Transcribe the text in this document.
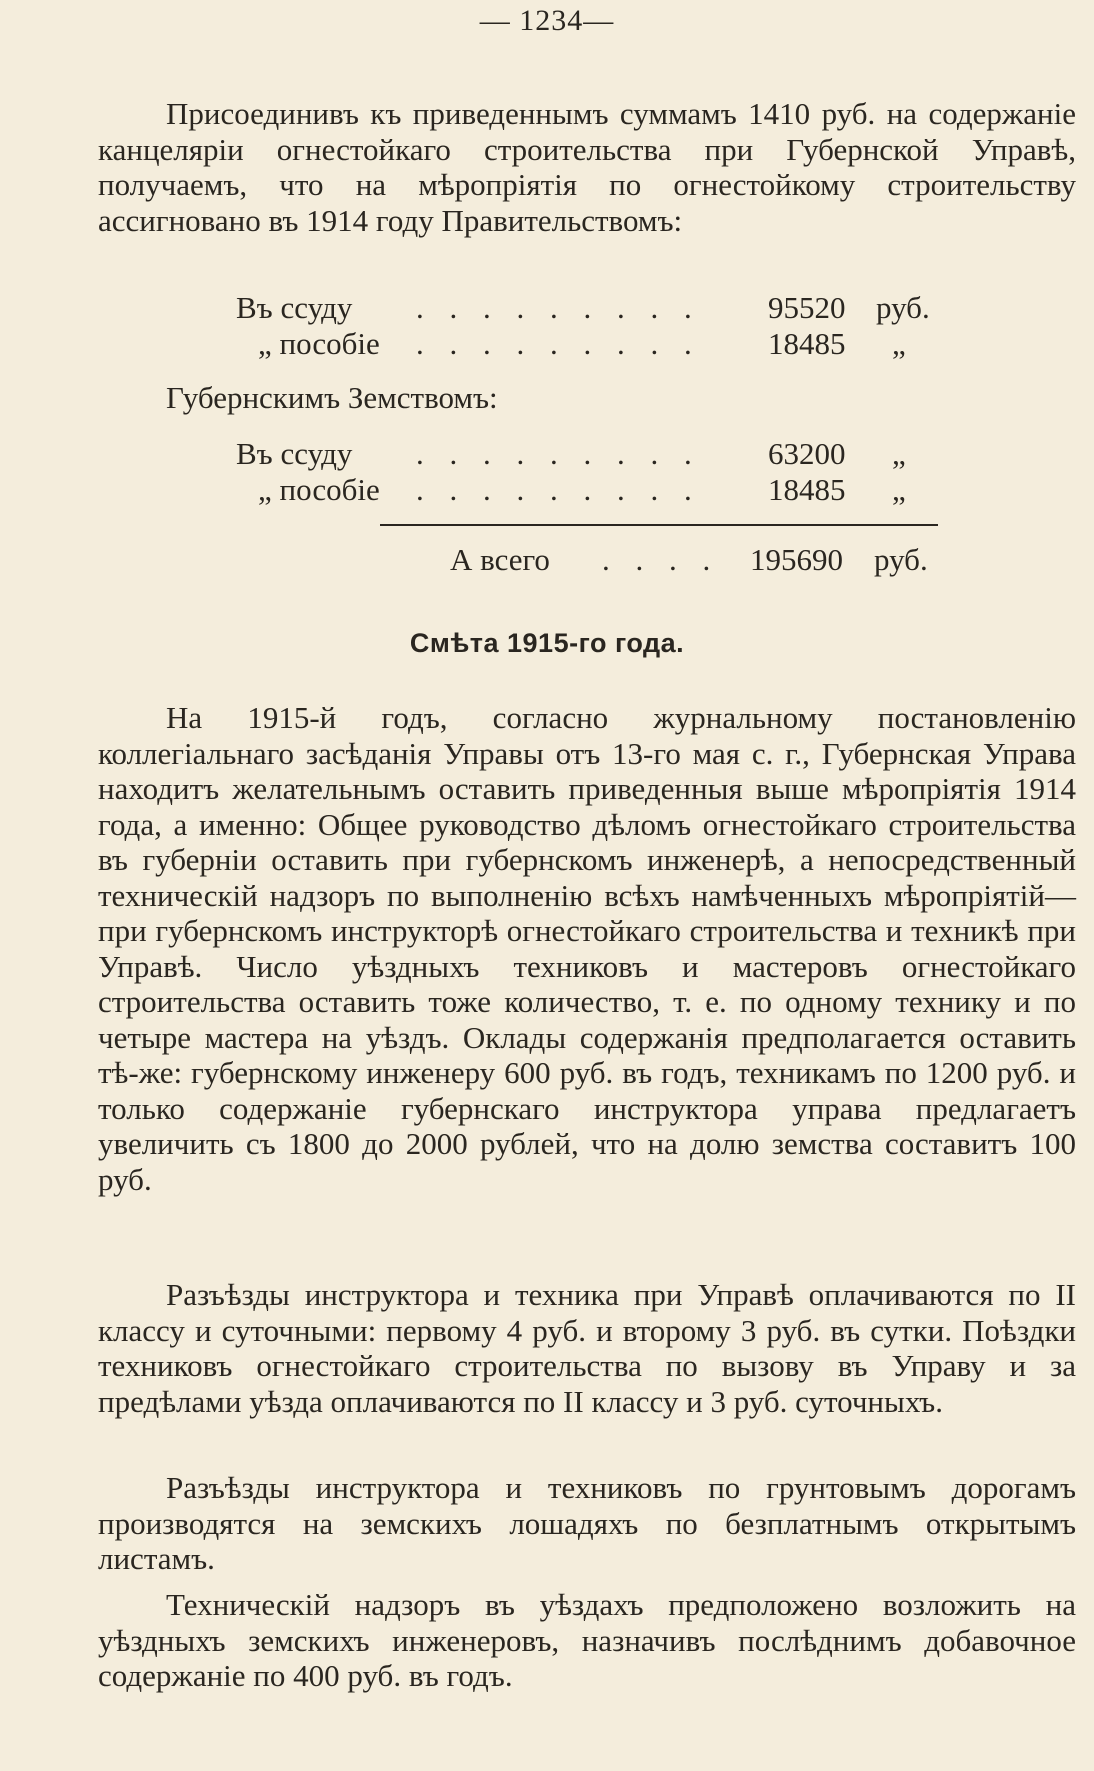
— 1234—
Присоединивъ къ приведеннымъ суммамъ 1410 руб. на содержаніе канцеляріи огнестойкаго строительства при Губернской Управѣ, получаемъ, что на мѣропріятія по огнестойкому строительству ассигновано въ 1914 году Правительствомъ:
Въ ссуду . . . . . . . . . 95520 руб.
„ пособіе . . . . . . . . . 18485 „
Губернскимъ Земствомъ:
Въ ссуду . . . . . . . . . 63200 „
„ пособіе . . . . . . . . . 18485 „
А всего . . . . 195690 руб.
Смѣта 1915-го года.
На 1915-й годъ, согласно журнальному постановленію коллегіальнаго засѣданія Управы отъ 13-го мая с. г., Губернская Управа находитъ желательнымъ оставить приведенныя выше мѣропріятія 1914 года, а именно: Общее руководство дѣломъ огнестойкаго строительства въ губерніи оставить при губернскомъ инженерѣ, а непосредственный техническій надзоръ по выполненію всѣхъ намѣченныхъ мѣропріятій—при губернскомъ инструкторѣ огнестойкаго строительства и техникѣ при Управѣ. Число уѣздныхъ техниковъ и мастеровъ огнестойкаго строительства оставить тоже количество, т. е. по одному технику и по четыре мастера на уѣздъ. Оклады содержанія предполагается оставить тѣ-же: губернскому инженеру 600 руб. въ годъ, техникамъ по 1200 руб. и только содержаніе губернскаго инструктора управа предлагаетъ увеличить съ 1800 до 2000 рублей, что на долю земства составитъ 100 руб.
Разъѣзды инструктора и техника при Управѣ оплачиваются по II классу и суточными: первому 4 руб. и второму 3 руб. въ сутки. Поѣздки техниковъ огнестойкаго строительства по вызову въ Управу и за предѣлами уѣзда оплачиваются по II классу и 3 руб. суточныхъ.
Разъѣзды инструктора и техниковъ по грунтовымъ дорогамъ производятся на земскихъ лошадяхъ по безплатнымъ открытымъ листамъ.
Техническій надзоръ въ уѣздахъ предположено возложить на уѣздныхъ земскихъ инженеровъ, назначивъ послѣднимъ добавочное содержаніе по 400 руб. въ годъ.
